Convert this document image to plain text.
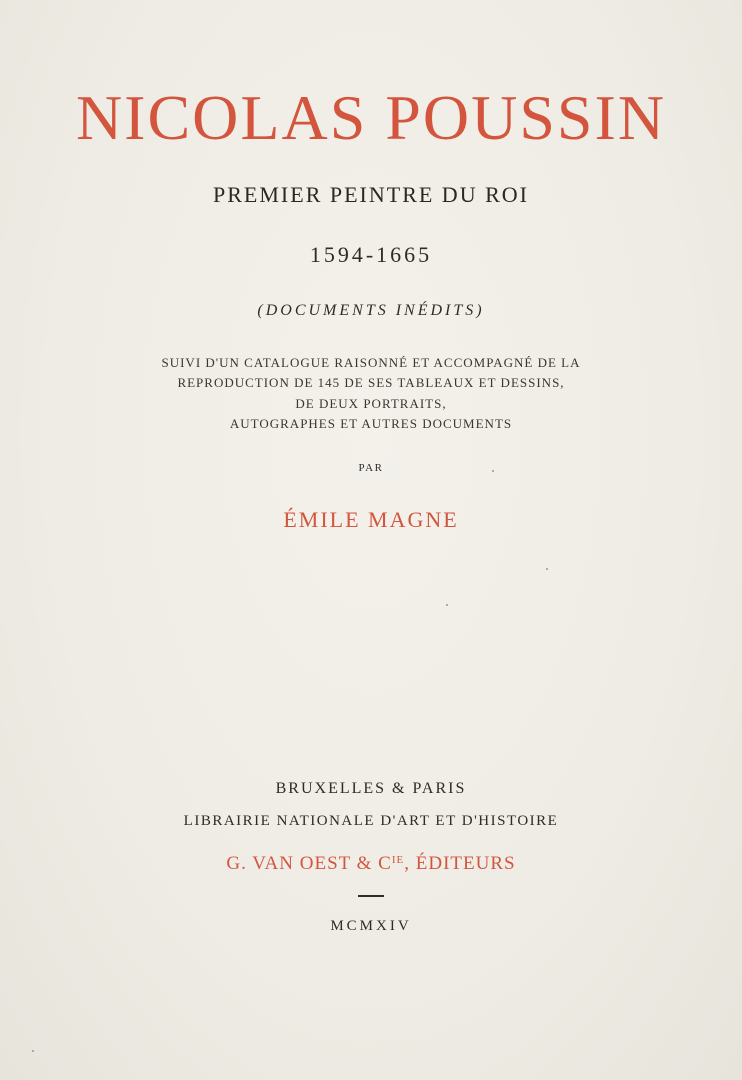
NICOLAS POUSSIN
PREMIER PEINTRE DU ROI
1594-1665
(DOCUMENTS INÉDITS)
SUIVI D'UN CATALOGUE RAISONNÉ ET ACCOMPAGNÉ DE LA
REPRODUCTION DE 145 DE SES TABLEAUX ET DESSINS,
DE DEUX PORTRAITS,
AUTOGRAPHES ET AUTRES DOCUMENTS
PAR
ÉMILE MAGNE
BRUXELLES & PARIS
LIBRAIRIE NATIONALE D'ART ET D'HISTOIRE
G. VAN OEST & $C^{IE}$, ÉDITEURS
MCMXIV
